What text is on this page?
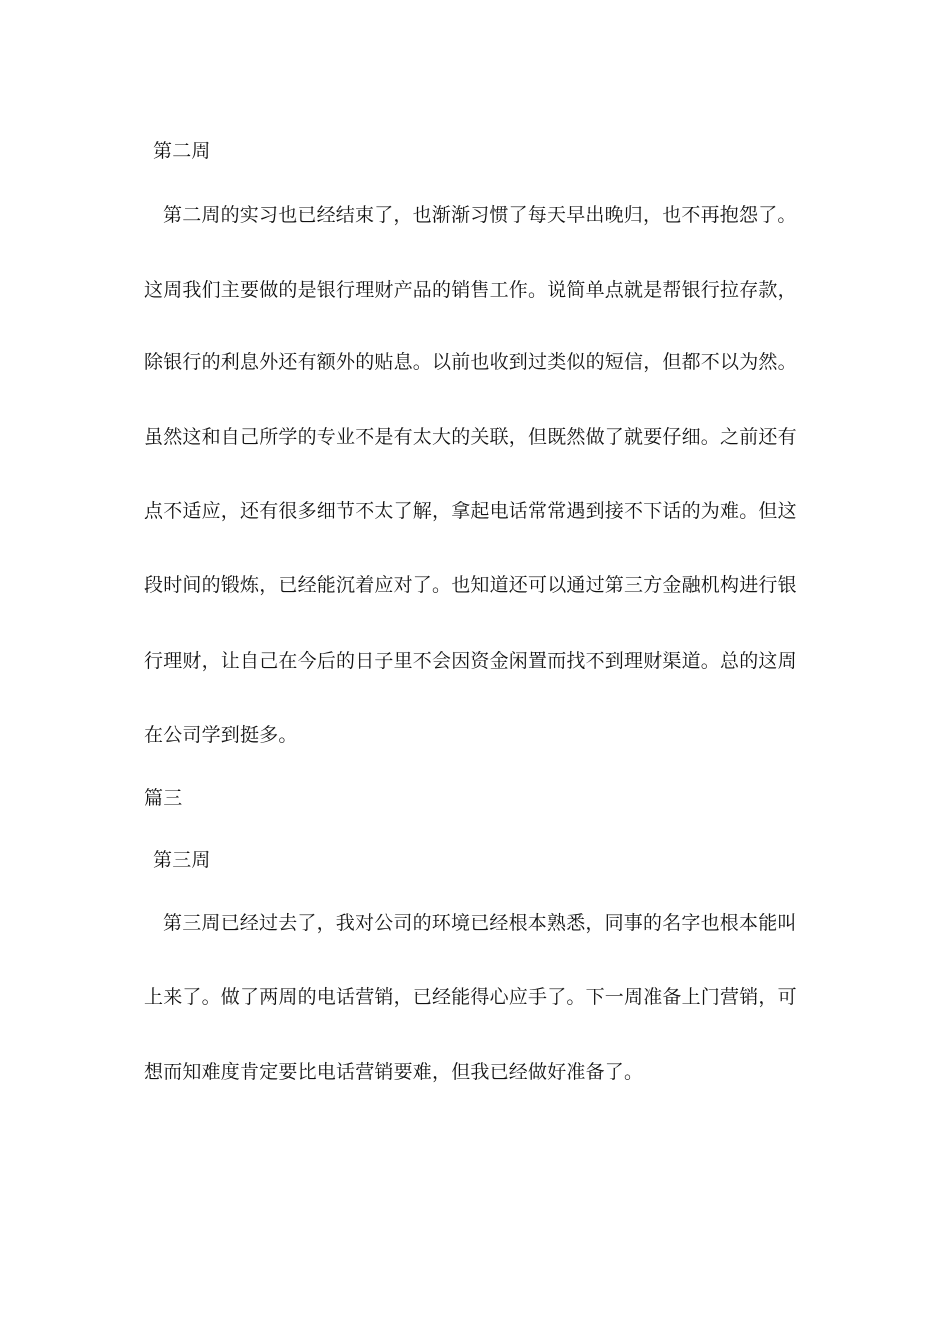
第二周
第二周的实习也已经结束了，也渐渐习惯了每天早出晚归，也不再抱怨了。
这周我们主要做的是银行理财产品的销售工作。说简单点就是帮银行拉存款，
除银行的利息外还有额外的贴息。以前也收到过类似的短信，但都不以为然。
虽然这和自己所学的专业不是有太大的关联，但既然做了就要仔细。之前还有
点不适应，还有很多细节不太了解，拿起电话常常遇到接不下话的为难。但这
段时间的锻炼，已经能沉着应对了。也知道还可以通过第三方金融机构进行银
行理财，让自己在今后的日子里不会因资金闲置而找不到理财渠道。总的这周
在公司学到挺多。
篇三
第三周
第三周已经过去了，我对公司的环境已经根本熟悉，同事的名字也根本能叫
上来了。做了两周的电话营销，已经能得心应手了。下一周准备上门营销，可
想而知难度肯定要比电话营销要难，但我已经做好准备了。
